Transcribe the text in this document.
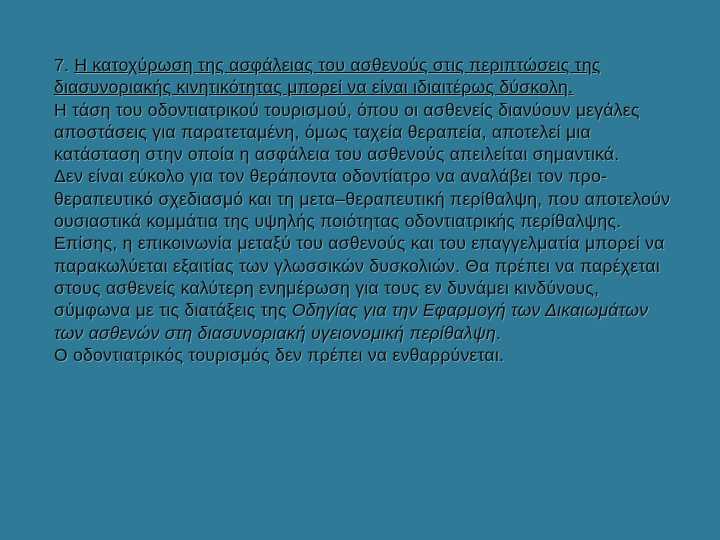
7. Η κατοχύρωση της ασφάλειας του ασθενούς στις περιπτώσεις της διασυνοριακής κινητικότητας μπορεί να είναι ιδιαιτέρως δύσκολη.

Η τάση του οδοντιατρικού τουρισμού, όπου οι ασθενείς διανύουν μεγάλες αποστάσεις για παρατεταμένη, όμως ταχεία θεραπεία, αποτελεί μια κατάσταση στην οποία η ασφάλεια του ασθενούς απειλείται σημαντικά.

Δεν είναι εύκολο για τον θεράποντα οδοντίατρο να αναλάβει τον προ-θεραπευτικό σχεδιασμό και τη μετα–θεραπευτική περίθαλψη, που αποτελούν ουσιαστικά κομμάτια της υψηλής ποιότητας οδοντιατρικής περίθαλψης. Επίσης, η επικοινωνία μεταξύ του ασθενούς και του επαγγελματία μπορεί να παρακωλύεται εξαιτίας των γλωσσικών δυσκολιών. Θα πρέπει να παρέχεται στους ασθενείς καλύτερη ενημέρωση για τους εν δυνάμει κινδύνους, σύμφωνα με τις διατάξεις της Οδηγίας για την Εφαρμογή των Δικαιωμάτων των ασθενών στη διασυνοριακή υγειονομική περίθαλψη.

Ο οδοντιατρικός τουρισμός δεν πρέπει να ενθαρρύνεται.
